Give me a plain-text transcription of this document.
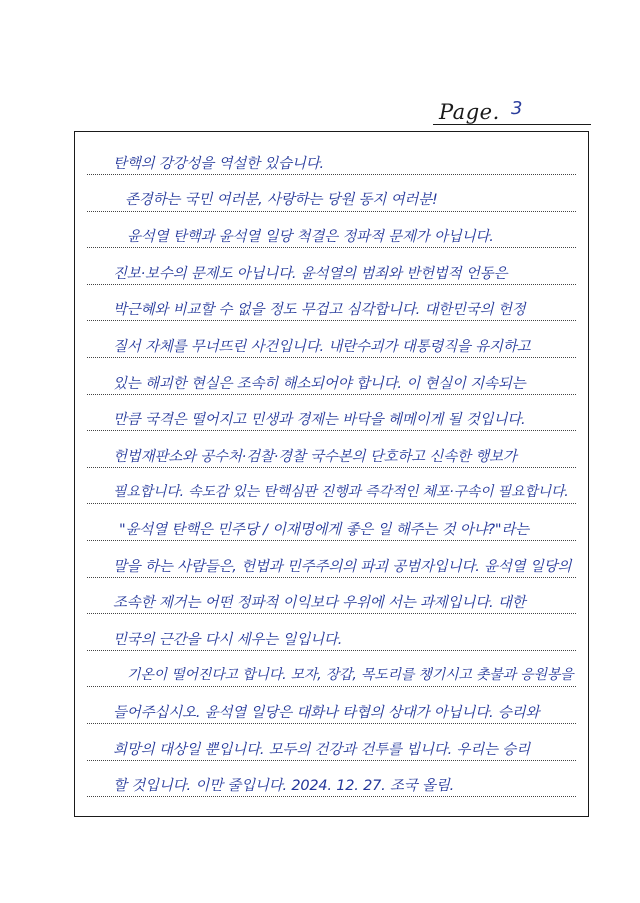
Page. 3
탄핵의 강강성을 역설한 있습니다.
존경하는 국민 여러분, 사랑하는 당원 동지 여러분!
윤석열 탄핵과 윤석열 일당 척결은 정파적 문제가 아닙니다.
진보·보수의 문제도 아닙니다. 윤석열의 범죄와 반헌법적 언동은
박근혜와 비교할 수 없을 정도 무겁고 심각합니다. 대한민국의 헌정
질서 자체를 무너뜨린 사건입니다. 내란수괴가 대통령직을 유지하고
있는 해괴한 현실은 조속히 해소되어야 합니다. 이 현실이 지속되는
만큼 국격은 떨어지고 민생과 경제는 바닥을 헤메이게 될 것입니다.
헌법재판소와 공수처·검찰·경찰 국수본의 단호하고 신속한 행보가
필요합니다. 속도감 있는 탄핵심판 진행과 즉각적인 체포·구속이 필요합니다.
"윤석열 탄핵은 민주당 / 이재명에게 좋은 일 해주는 것 아냐?"라는
말을 하는 사람들은, 헌법과 민주주의의 파괴 공범자입니다. 윤석열 일당의
조속한 제거는 어떤 정파적 이익보다 우위에 서는 과제입니다. 대한
민국의 근간을 다시 세우는 일입니다.
기온이 떨어진다고 합니다. 모자, 장갑, 목도리를 챙기시고 촛불과 응원봉을
들어주십시오. 윤석열 일당은 대화나 타협의 상대가 아닙니다. 승리와
희망의 대상일 뿐입니다. 모두의 건강과 건투를 빕니다. 우리는 승리
할 것입니다. 이만 줄입니다. 2024. 12. 27. 조국 올림.
